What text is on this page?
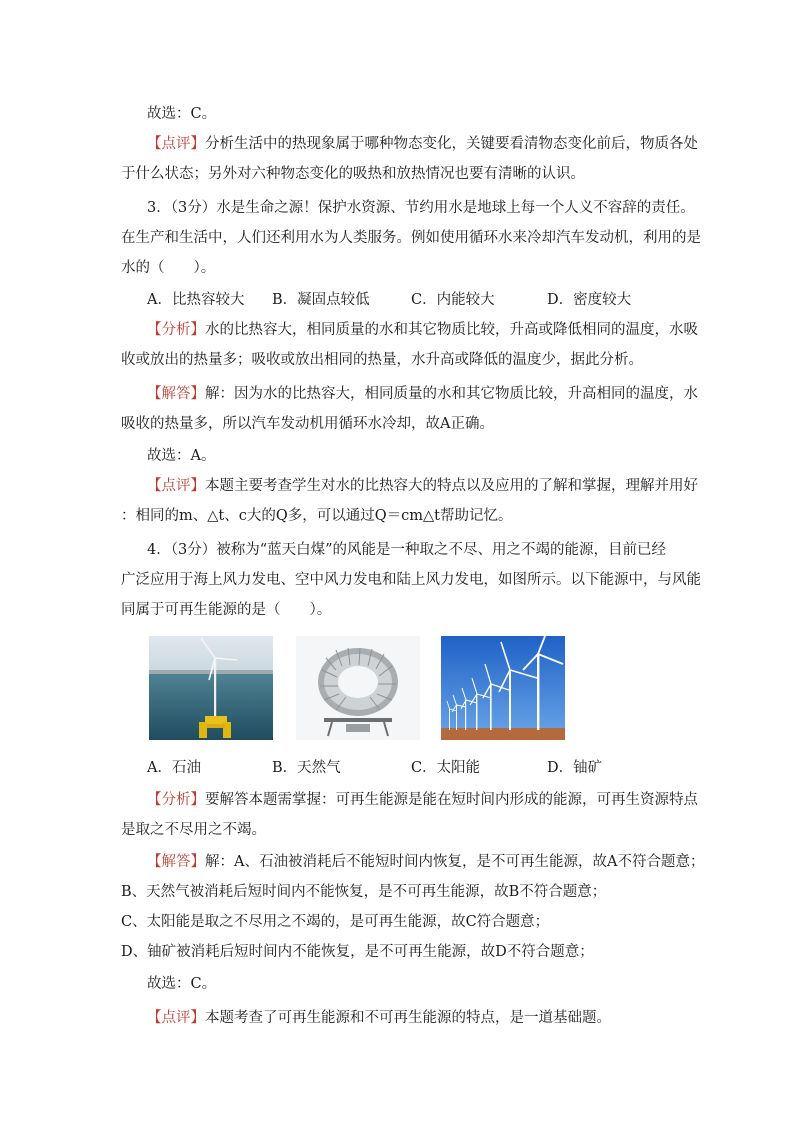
故选：C。
【点评】分析生活中的热现象属于哪种物态变化，关键要看清物态变化前后，物质各处
于什么状态；另外对六种物态变化的吸热和放热情况也要有清晰的认识。
3．（3分）水是生命之源！保护水资源、节约用水是地球上每一个人义不容辞的责任。
在生产和生活中，人们还利用水为人类服务。例如使用循环水来冷却汽车发动机，利用的是
水的（　　）。
A．比热容较大 B．凝固点较低	C．内能较大	D．密度较大
【分析】水的比热容大，相同质量的水和其它物质比较，升高或降低相同的温度，水吸
收或放出的热量多；吸收或放出相同的热量，水升高或降低的温度少，据此分析。
【解答】解：因为水的比热容大，相同质量的水和其它物质比较，升高相同的温度，水
吸收的热量多，所以汽车发动机用循环水冷却，故A正确。
故选：A。
【点评】本题主要考查学生对水的比热容大的特点以及应用的了解和掌握，理解并用好
：相同的m、△t、c大的Q多，可以通过Q＝cm△t帮助记忆。
4．（3分）被称为“蓝天白煤”的风能是一种取之不尽、用之不竭的能源，目前已经
广泛应用于海上风力发电、空中风力发电和陆上风力发电，如图所示。以下能源中，与风能
同属于可再生能源的是（　　）。
A．石油	B．天然气	C．太阳能	D．铀矿
【分析】要解答本题需掌握：可再生能源是能在短时间内形成的能源，可再生资源特点
是取之不尽用之不竭。
【解答】解：A、石油被消耗后不能短时间内恢复，是不可再生能源，故A不符合题意；
B、天然气被消耗后短时间内不能恢复，是不可再生能源，故B不符合题意；
C、太阳能是取之不尽用之不竭的，是可再生能源，故C符合题意；
D、铀矿被消耗后短时间内不能恢复，是不可再生能源，故D不符合题意；
故选：C。
【点评】本题考查了可再生能源和不可再生能源的特点，是一道基础题。
